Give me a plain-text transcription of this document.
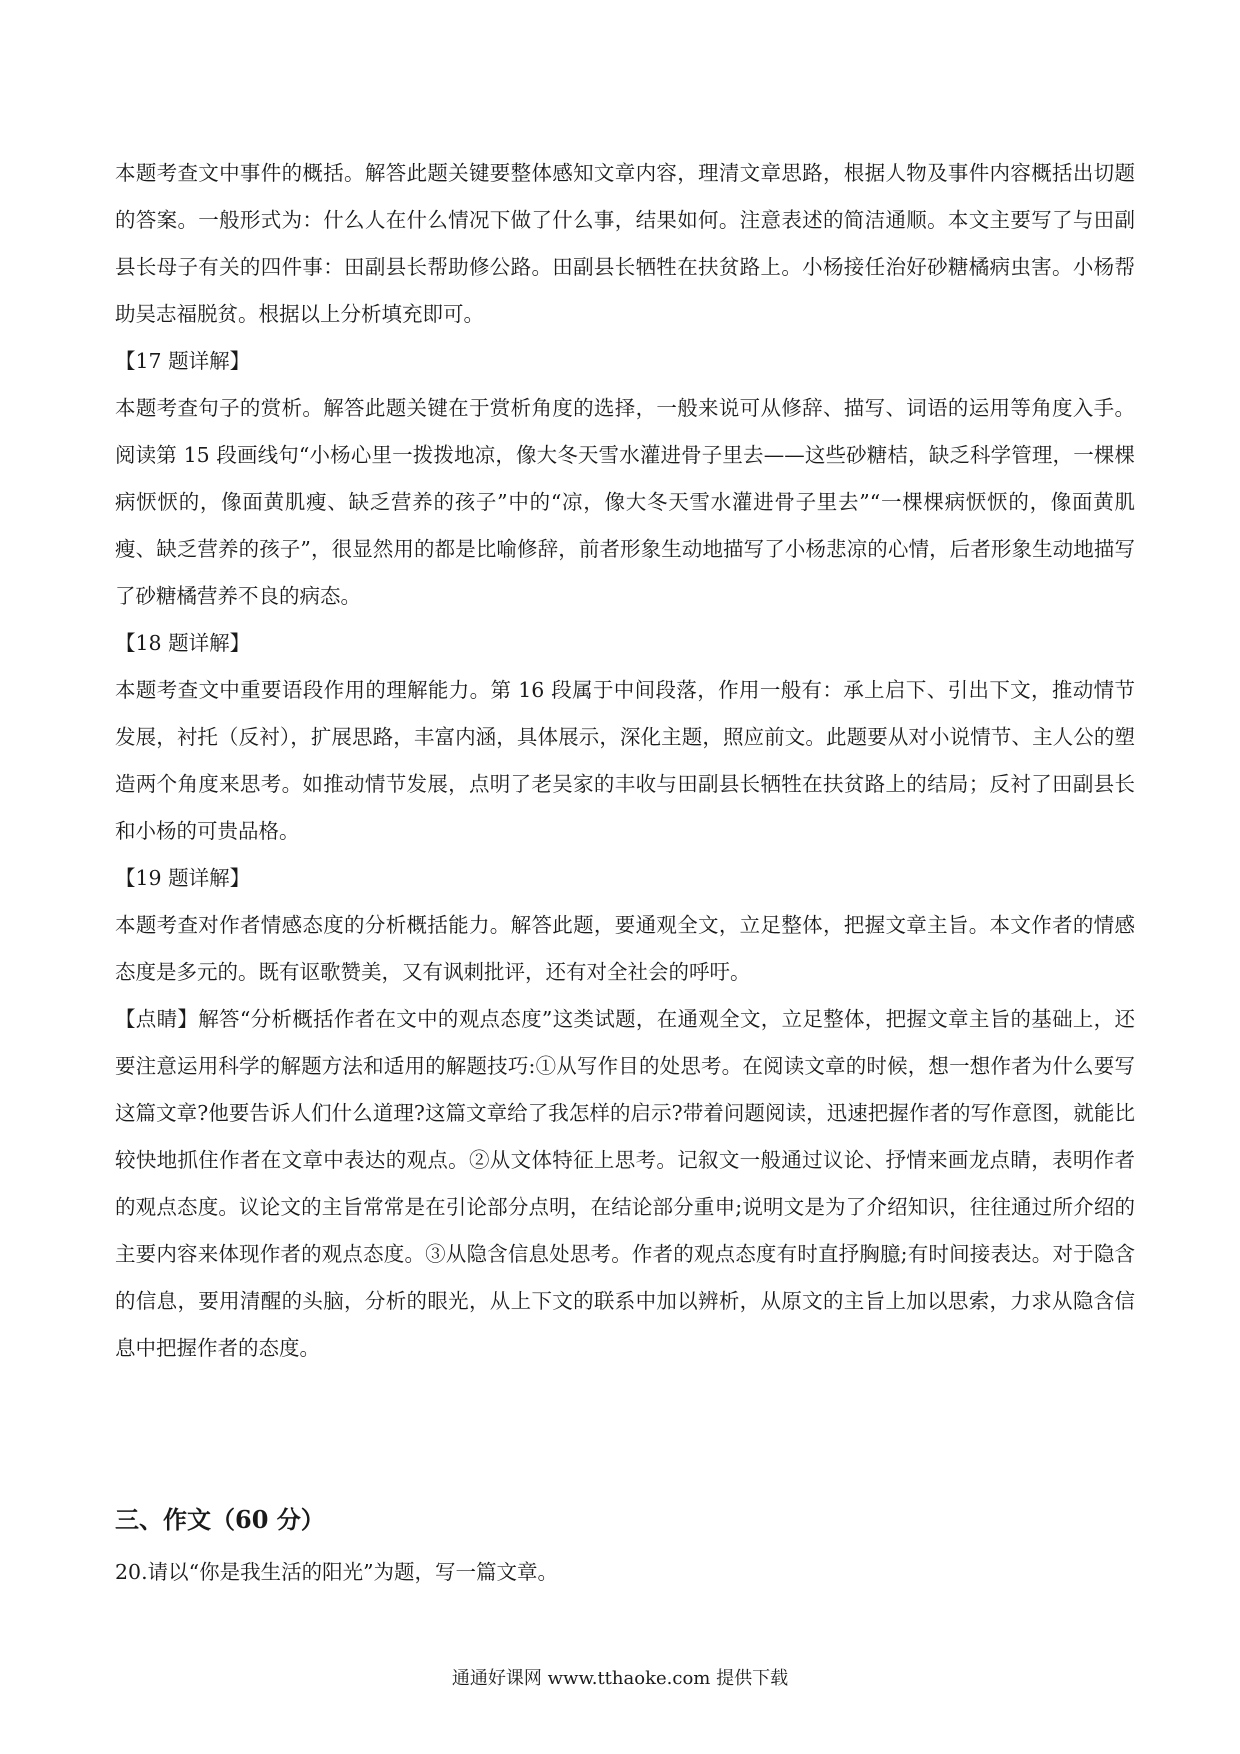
本题考查文中事件的概括。解答此题关键要整体感知文章内容，理清文章思路，根据人物及事件内容概括出切题的答案。一般形式为：什么人在什么情况下做了什么事，结果如何。注意表述的简洁通顺。本文主要写了与田副县长母子有关的四件事：田副县长帮助修公路。田副县长牺牲在扶贫路上。小杨接任治好砂糖橘病虫害。小杨帮助吴志福脱贫。根据以上分析填充即可。

【17 题详解】

本题考查句子的赏析。解答此题关键在于赏析角度的选择，一般来说可从修辞、描写、词语的运用等角度入手。阅读第 15 段画线句“小杨心里一拨拨地凉，像大冬天雪水灌进骨子里去——这些砂糖桔，缺乏科学管理，一棵棵病恹恹的，像面黄肌瘦、缺乏营养的孩子”中的“凉，像大冬天雪水灌进骨子里去”“一棵棵病恹恹的，像面黄肌瘦、缺乏营养的孩子”，很显然用的都是比喻修辞，前者形象生动地描写了小杨悲凉的心情，后者形象生动地描写了砂糖橘营养不良的病态。

【18 题详解】

本题考查文中重要语段作用的理解能力。第 16 段属于中间段落，作用一般有：承上启下、引出下文，推动情节发展，衬托（反衬），扩展思路，丰富内涵，具体展示，深化主题，照应前文。此题要从对小说情节、主人公的塑造两个角度来思考。如推动情节发展，点明了老吴家的丰收与田副县长牺牲在扶贫路上的结局；反衬了田副县长和小杨的可贵品格。

【19 题详解】

本题考查对作者情感态度的分析概括能力。解答此题，要通观全文，立足整体，把握文章主旨。本文作者的情感态度是多元的。既有讴歌赞美，又有讽刺批评，还有对全社会的呼吁。

【点睛】解答“分析概括作者在文中的观点态度”这类试题，在通观全文，立足整体，把握文章主旨的基础上，还要注意运用科学的解题方法和适用的解题技巧:①从写作目的处思考。在阅读文章的时候，想一想作者为什么要写这篇文章?他要告诉人们什么道理?这篇文章给了我怎样的启示?带着问题阅读，迅速把握作者的写作意图，就能比较快地抓住作者在文章中表达的观点。②从文体特征上思考。记叙文一般通过议论、抒情来画龙点睛，表明作者的观点态度。议论文的主旨常常是在引论部分点明，在结论部分重申;说明文是为了介绍知识，往往通过所介绍的主要内容来体现作者的观点态度。③从隐含信息处思考。作者的观点态度有时直抒胸臆;有时间接表达。对于隐含的信息，要用清醒的头脑，分析的眼光，从上下文的联系中加以辨析，从原文的主旨上加以思索，力求从隐含信息中把握作者的态度。

三、作文（60 分）

20.请以“你是我生活的阳光”为题，写一篇文章。

通通好课网 www.tthaoke.com 提供下载
